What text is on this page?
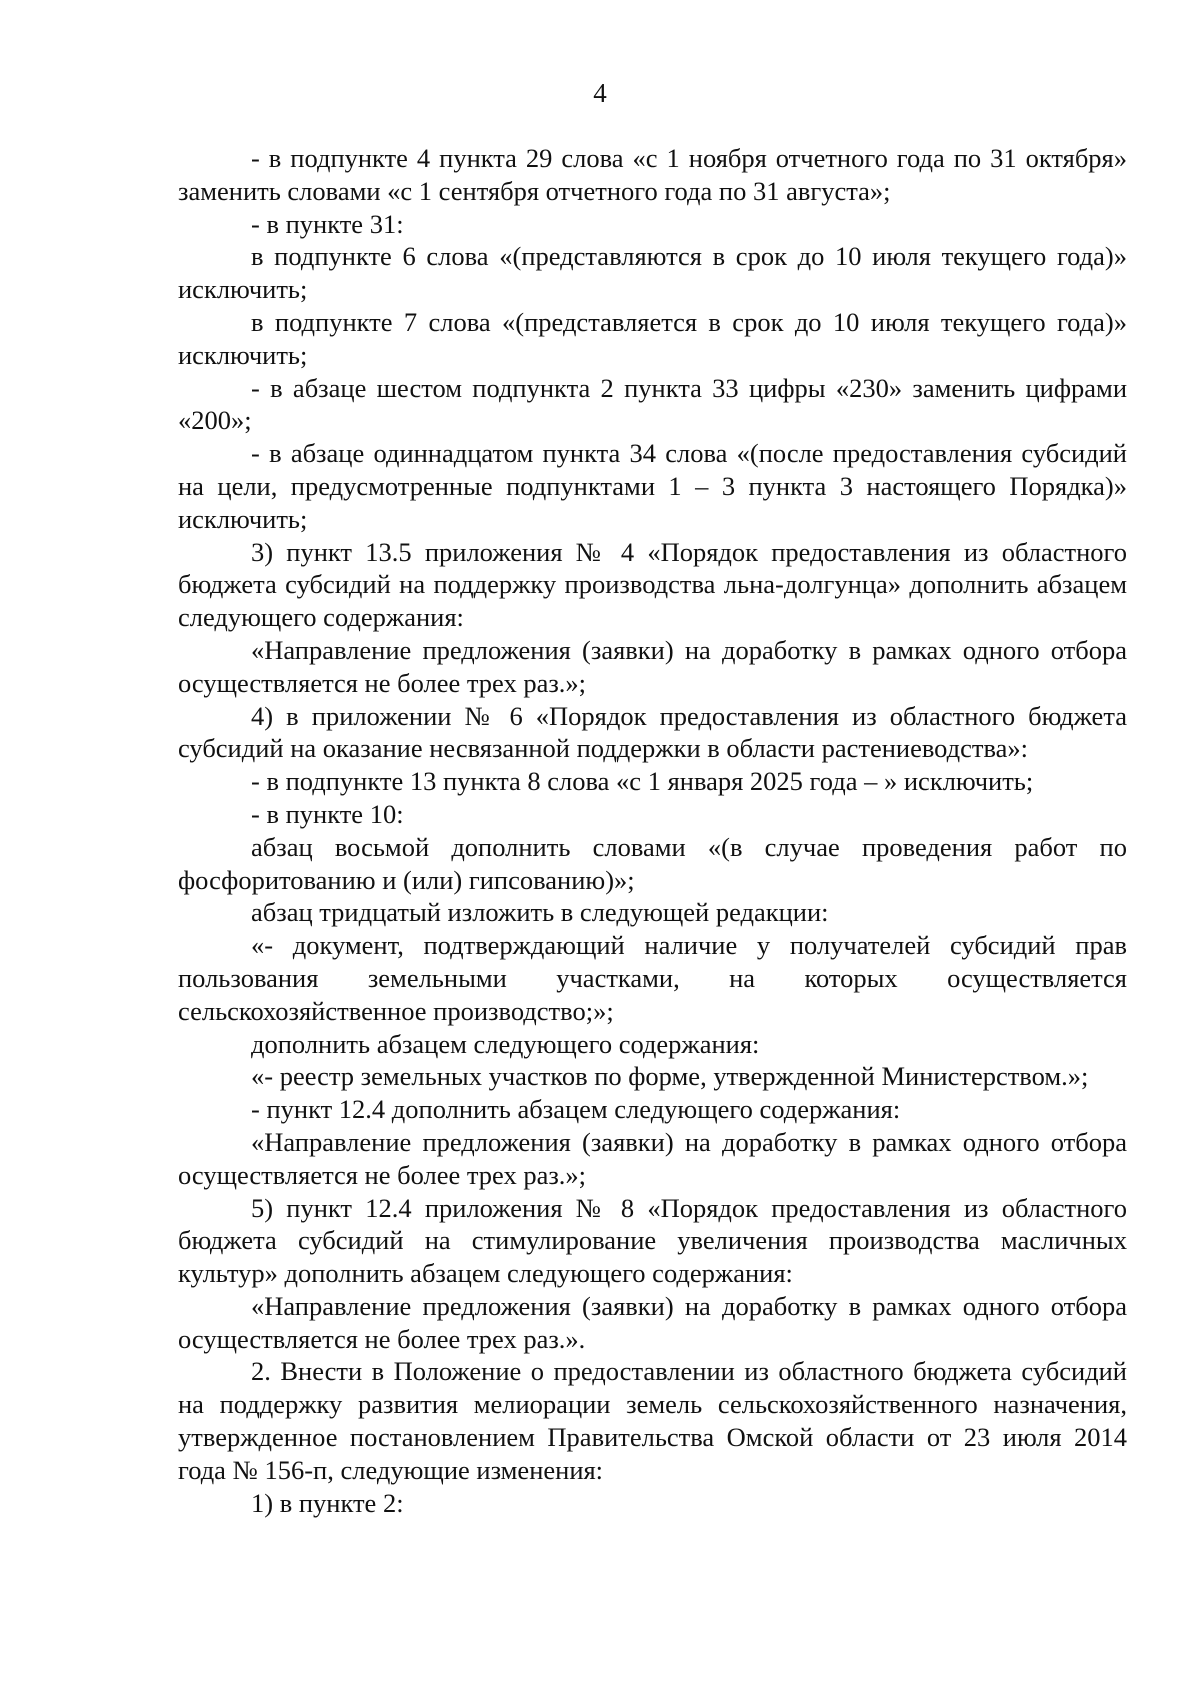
4

- в подпункте 4 пункта 29 слова «с 1 ноября отчетного года по 31 октября» заменить словами «с 1 сентября отчетного года по 31 августа»;

- в пункте 31:

в подпункте 6 слова «(представляются в срок до 10 июля текущего года)» исключить;

в подпункте 7 слова «(представляется в срок до 10 июля текущего года)» исключить;

- в абзаце шестом подпункта 2 пункта 33 цифры «230» заменить цифрами «200»;

- в абзаце одиннадцатом пункта 34 слова «(после предоставления субсидий на цели, предусмотренные подпунктами 1 – 3 пункта 3 настоящего Порядка)» исключить;

3) пункт 13.5 приложения № 4 «Порядок предоставления из областного бюджета субсидий на поддержку производства льна-долгунца» дополнить абзацем следующего содержания:

«Направление предложения (заявки) на доработку в рамках одного отбора осуществляется не более трех раз.»;

4) в приложении № 6 «Порядок предоставления из областного бюджета субсидий на оказание несвязанной поддержки в области растениеводства»:

- в подпункте 13 пункта 8 слова «с 1 января 2025 года – » исключить;

- в пункте 10:

абзац восьмой дополнить словами «(в случае проведения работ по фосфоритованию и (или) гипсованию)»;

абзац тридцатый изложить в следующей редакции:

«- документ, подтверждающий наличие у получателей субсидий прав пользования земельными участками, на которых осуществляется сельскохозяйственное производство;»;

дополнить абзацем следующего содержания:

«- реестр земельных участков по форме, утвержденной Министерством.»;

- пункт 12.4 дополнить абзацем следующего содержания:

«Направление предложения (заявки) на доработку в рамках одного отбора осуществляется не более трех раз.»;

5) пункт 12.4 приложения № 8 «Порядок предоставления из областного бюджета субсидий на стимулирование увеличения производства масличных культур» дополнить абзацем следующего содержания:

«Направление предложения (заявки) на доработку в рамках одного отбора осуществляется не более трех раз.».

2. Внести в Положение о предоставлении из областного бюджета субсидий на поддержку развития мелиорации земель сельскохозяйственного назначения, утвержденное постановлением Правительства Омской области от 23 июля 2014 года № 156-п, следующие изменения:

1) в пункте 2:
